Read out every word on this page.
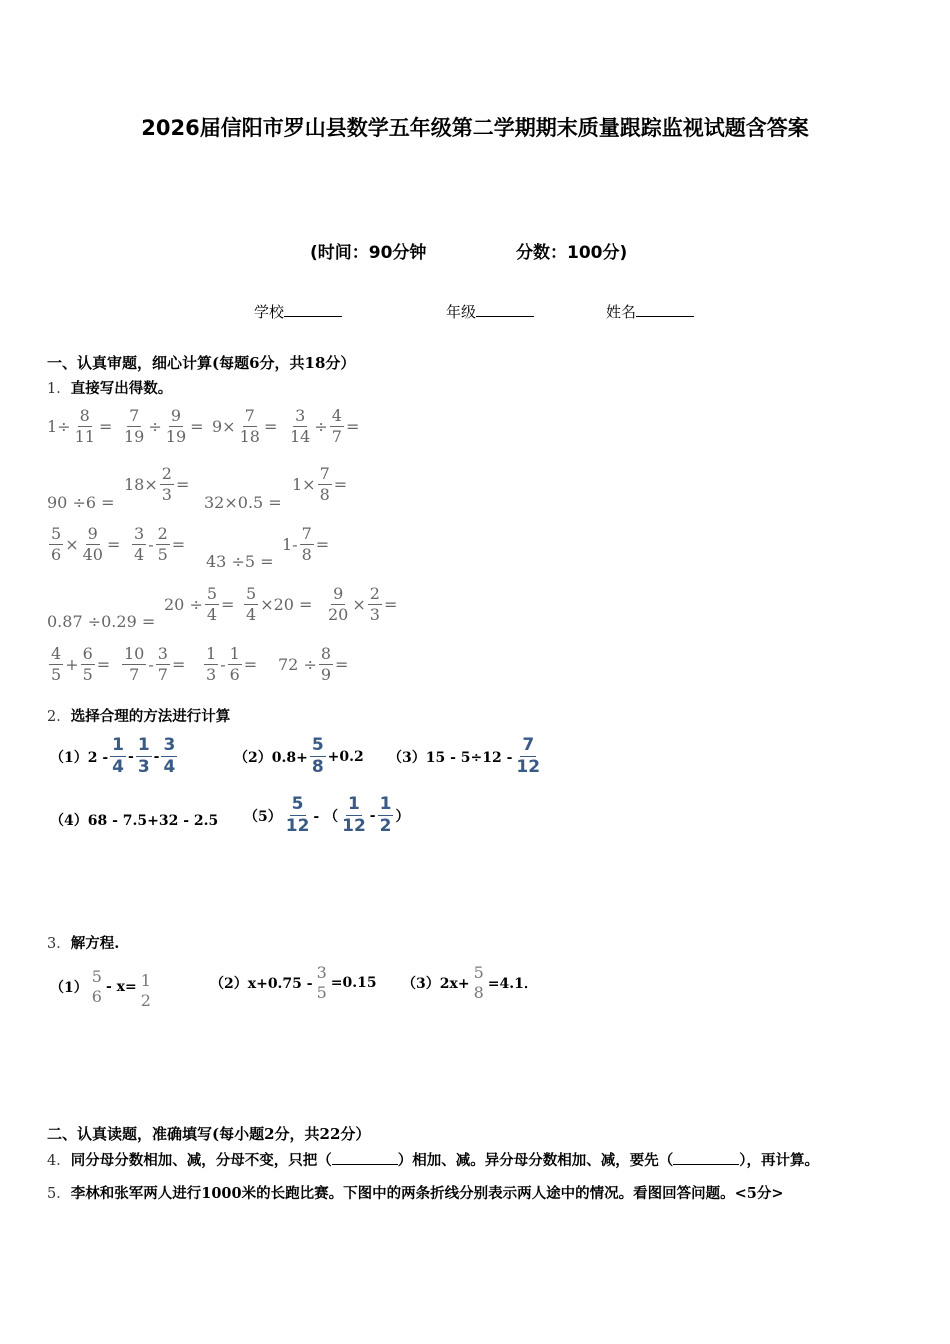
2026届信阳市罗山县数学五年级第二学期期末质量跟踪监视试题含答案
(时间：90分钟	分数：100分)
学校	年级	姓名
一、认真审题，细心计算(每题6分，共18分）
1．直接写出得数。
$1\div \frac{8}{11} = \frac{7}{19} \div \frac{9}{19} = 9\times \frac{7}{18} = \frac{3}{14} \div \frac{4}{7}$ =
90 ÷6 =
$18\times \frac{2}{3}$ =
32×0.5 =
$1\times \frac{7}{8}$ =
$\frac{5}{6} \times \frac{9}{40} = \frac{3}{4} - \frac{2}{5}$ =
43 ÷5 =
$1- \frac{7}{8}$ =
0.87 ÷0.29 =
$20 \div \frac{5}{4} = \frac{5}{4} \times 20 = \frac{9}{20} \times \frac{2}{3}$ =
$\frac{4}{5} + \frac{6}{5} = \frac{10}{7} - \frac{3}{7} = \frac{1}{3} - \frac{1}{6} = 72 \div \frac{8}{9}$ =
2．选择合理的方法进行计算
$(1)2 - \frac{1}{4} - \frac{1}{3} - \frac{3}{4}$	$(2)0.8+ \frac{5}{8} +0.2$ $(3)15 - 5\div 12 - \frac{7}{12}$
（4）68 - 7.5+32 - 2.5 $(5) \frac{5}{12}$ - （ $\frac{1}{12} - \frac{1}{2}$ ）
3．解方程.
（1）
5
6 - x= 1
2
（2）x+0.75 -
3
5 =0.15 （3）2x+
5
8 =4.1．
二、认真读题，准确填写(每小题2分，共22分）
4．同分母分数相加、减，分母不变，只把（	）相加、减。异分母分数相加、减，要先（	），再计算。
5．李林和张军两人进行1000米的长跑比赛。下图中的两条折线分别表示两人途中的情况。看图回答问题。<5分>
